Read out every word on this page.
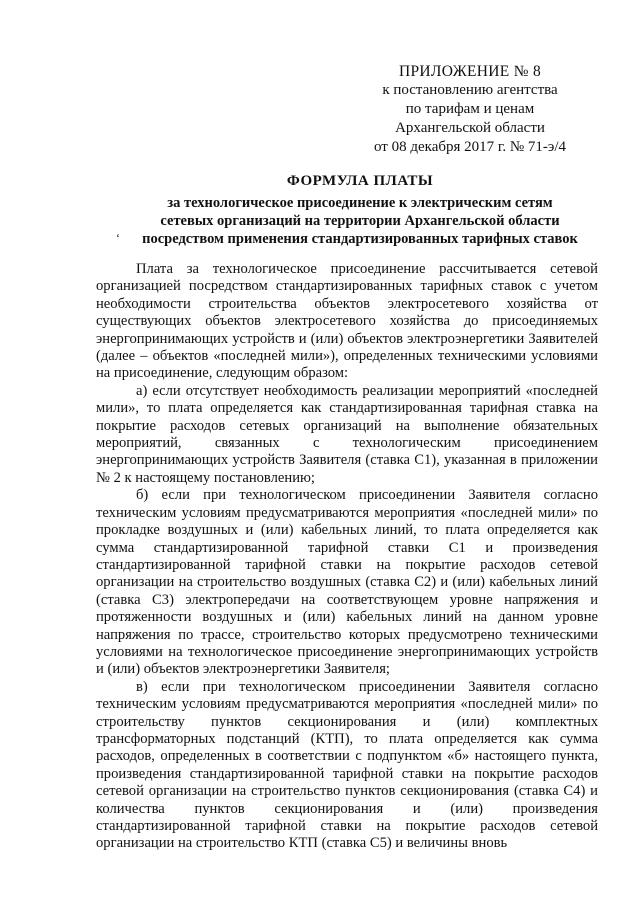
ПРИЛОЖЕНИЕ № 8
к постановлению агентства
по тарифам и ценам
Архангельской области
от 08 декабря 2017 г. № 71-э/4
ФОРМУЛА ПЛАТЫ
за технологическое присоединение к электрическим сетям
сетевых организаций на территории Архангельской области
посредством применения стандартизированных тарифных ставок
ʻ

Плата за технологическое присоединение рассчитывается сетевой организацией посредством стандартизированных тарифных ставок с учетом необходимости строительства объектов электросетевого хозяйства от существующих объектов электросетевого хозяйства до присоединяемых энергопринимающих устройств и (или) объектов электроэнергетики Заявителей (далее – объектов «последней мили»), определенных техническими условиями на присоединение, следующим образом:

а) если отсутствует необходимость реализации мероприятий «последней мили», то плата определяется как стандартизированная тарифная ставка на покрытие расходов сетевых организаций на выполнение обязательных мероприятий, связанных с технологическим присоединением энергопринимающих устройств Заявителя (ставка С1), указанная в приложении № 2 к настоящему постановлению;

б) если при технологическом присоединении Заявителя согласно техническим условиям предусматриваются мероприятия «последней мили» по прокладке воздушных и (или) кабельных линий, то плата определяется как сумма стандартизированной тарифной ставки С1 и произведения стандартизированной тарифной ставки на покрытие расходов сетевой организации на строительство воздушных (ставка С2) и (или) кабельных линий (ставка С3) электропередачи на соответствующем уровне напряжения и протяженности воздушных и (или) кабельных линий на данном уровне напряжения по трассе, строительство которых предусмотрено техническими условиями на технологическое присоединение энергопринимающих устройств и (или) объектов электроэнергетики Заявителя;

в) если при технологическом присоединении Заявителя согласно техническим условиям предусматриваются мероприятия «последней мили» по строительству пунктов секционирования и (или) комплектных трансформаторных подстанций (КТП), то плата определяется как сумма расходов, определенных в соответствии с подпунктом «б» настоящего пункта, произведения стандартизированной тарифной ставки на покрытие расходов сетевой организации на строительство пунктов секционирования (ставка С4) и количества пунктов секционирования и (или) произведения стандартизированной тарифной ставки на покрытие расходов сетевой организации на строительство КТП (ставка С5) и величины вновь
